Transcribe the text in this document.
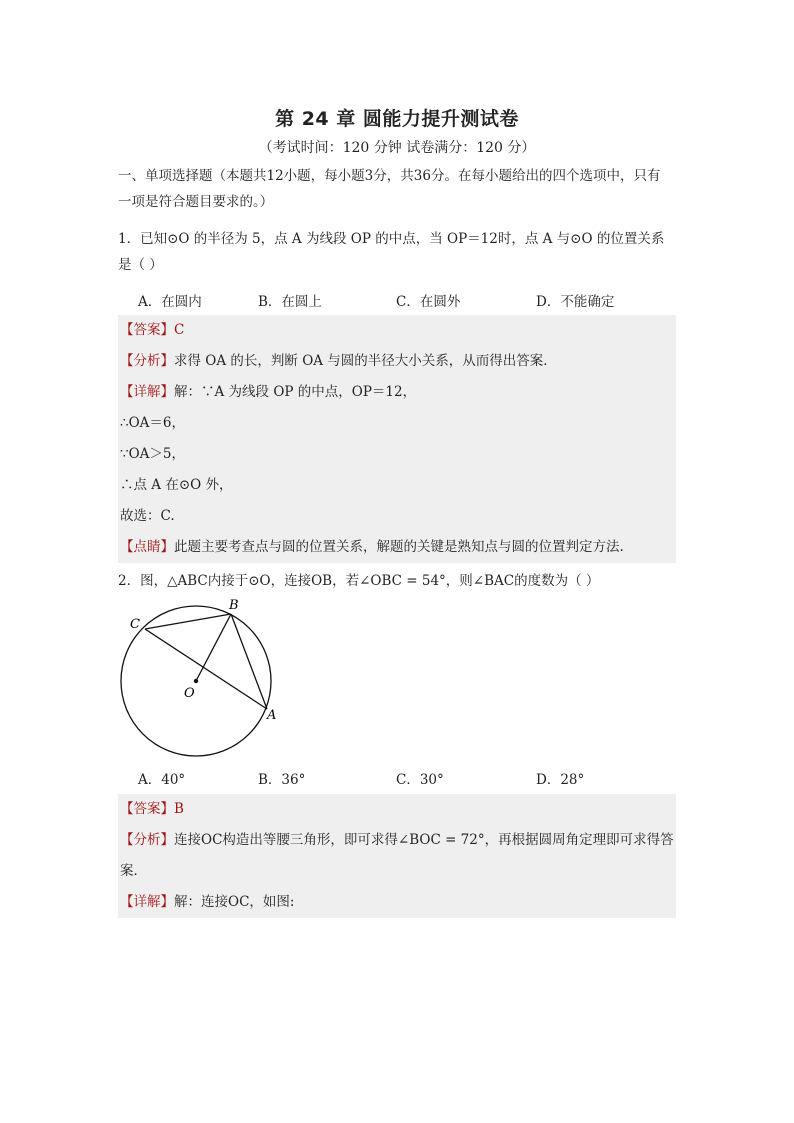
第 24 章 圆能力提升测试卷
（考试时间：120 分钟 试卷满分：120 分）
一、单项选择题（本题共12小题，每小题3分，共36分。在每小题给出的四个选项中，只有
一项是符合题目要求的。）
1．已知⊙O 的半径为 5，点 A 为线段 OP 的中点，当 OP＝12时，点 A 与⊙O 的位置关系
是（ ）
A．在圆内	B．在圆上	C．在圆外	D．不能确定
【答案】C
【分析】求得 OA 的长，判断 OA 与圆的半径大小关系，从而得出答案．
【详解】解：∵A 为线段 OP 的中点，OP＝12，
∴OA＝6，
∵OA＞5，
∴点 A 在⊙O 外，
故选：C.
【点睛】此题主要考查点与圆的位置关系，解题的关键是熟知点与圆的位置判定方法.
2．图，△ABC内接于⊙O，连接OB，若∠OBC = 54°，则∠BAC的度数为（ ）
B
C
O
A
A．40°	B．36°	C．30°	D．28°
【答案】B
【分析】连接OC构造出等腰三角形，即可求得∠BOC = 72°，再根据圆周角定理即可求得答
案．
【详解】解：连接OC，如图:
